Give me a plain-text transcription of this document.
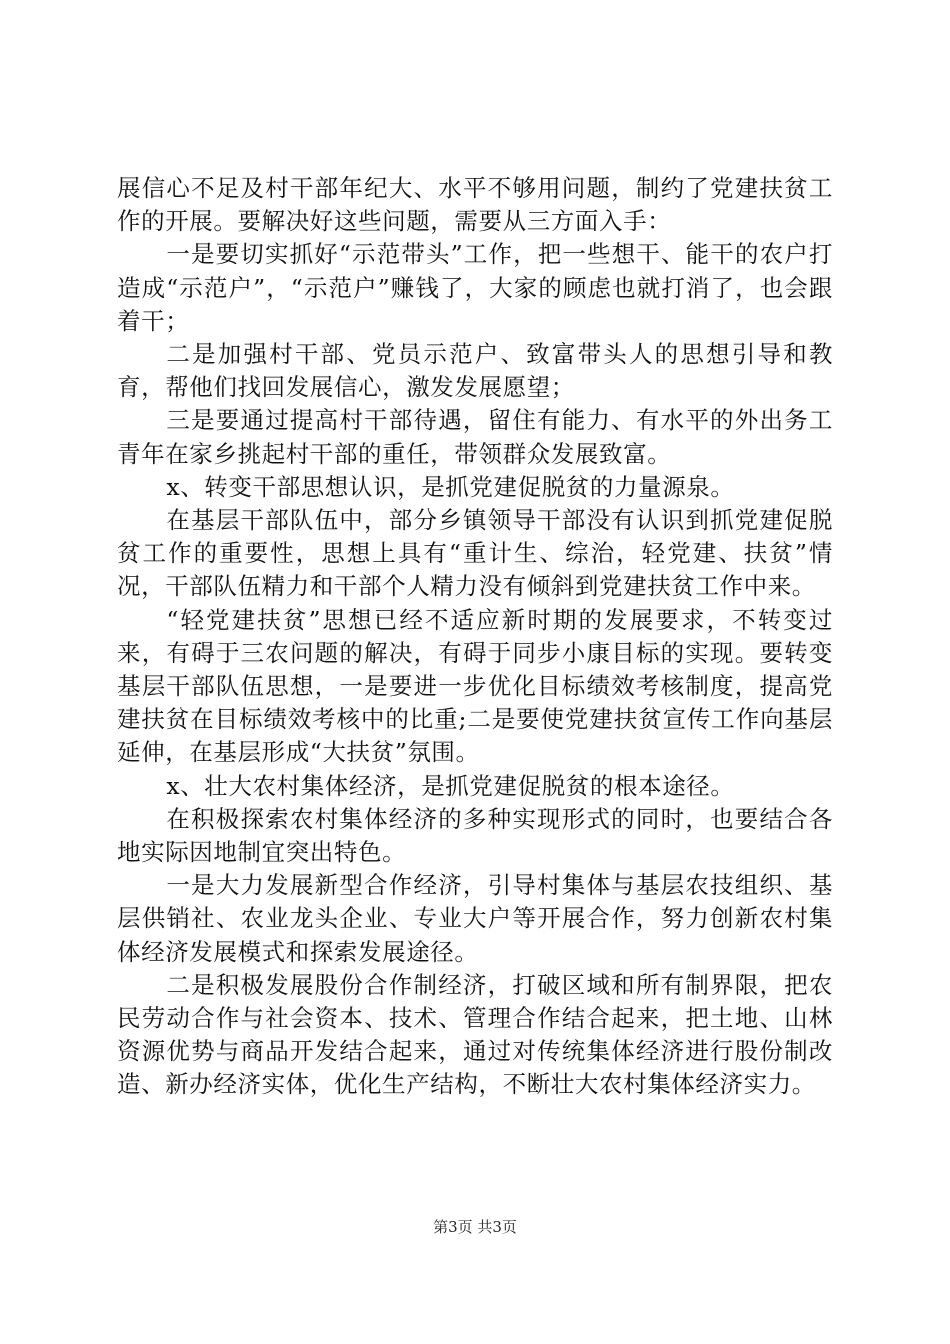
展信心不足及村干部年纪大、水平不够用问题，制约了党建扶贫工作的开展。要解决好这些问题，需要从三方面入手：

一是要切实抓好“示范带头”工作，把一些想干、能干的农户打造成“示范户”，“示范户”赚钱了，大家的顾虑也就打消了，也会跟着干；

二是加强村干部、党员示范户、致富带头人的思想引导和教育，帮他们找回发展信心，激发发展愿望；

三是要通过提高村干部待遇，留住有能力、有水平的外出务工青年在家乡挑起村干部的重任，带领群众发展致富。

x、转变干部思想认识，是抓党建促脱贫的力量源泉。

在基层干部队伍中，部分乡镇领导干部没有认识到抓党建促脱贫工作的重要性，思想上具有“重计生、综治，轻党建、扶贫”情况，干部队伍精力和干部个人精力没有倾斜到党建扶贫工作中来。

“轻党建扶贫”思想已经不适应新时期的发展要求，不转变过来，有碍于三农问题的解决，有碍于同步小康目标的实现。要转变基层干部队伍思想，一是要进一步优化目标绩效考核制度，提高党建扶贫在目标绩效考核中的比重;二是要使党建扶贫宣传工作向基层延伸，在基层形成“大扶贫”氛围。

x、壮大农村集体经济，是抓党建促脱贫的根本途径。

在积极探索农村集体经济的多种实现形式的同时，也要结合各地实际因地制宜突出特色。

一是大力发展新型合作经济，引导村集体与基层农技组织、基层供销社、农业龙头企业、专业大户等开展合作，努力创新农村集体经济发展模式和探索发展途径。

二是积极发展股份合作制经济，打破区域和所有制界限，把农民劳动合作与社会资本、技术、管理合作结合起来，把土地、山林资源优势与商品开发结合起来，通过对传统集体经济进行股份制改造、新办经济实体，优化生产结构，不断壮大农村集体经济实力。

第3页 共3页
